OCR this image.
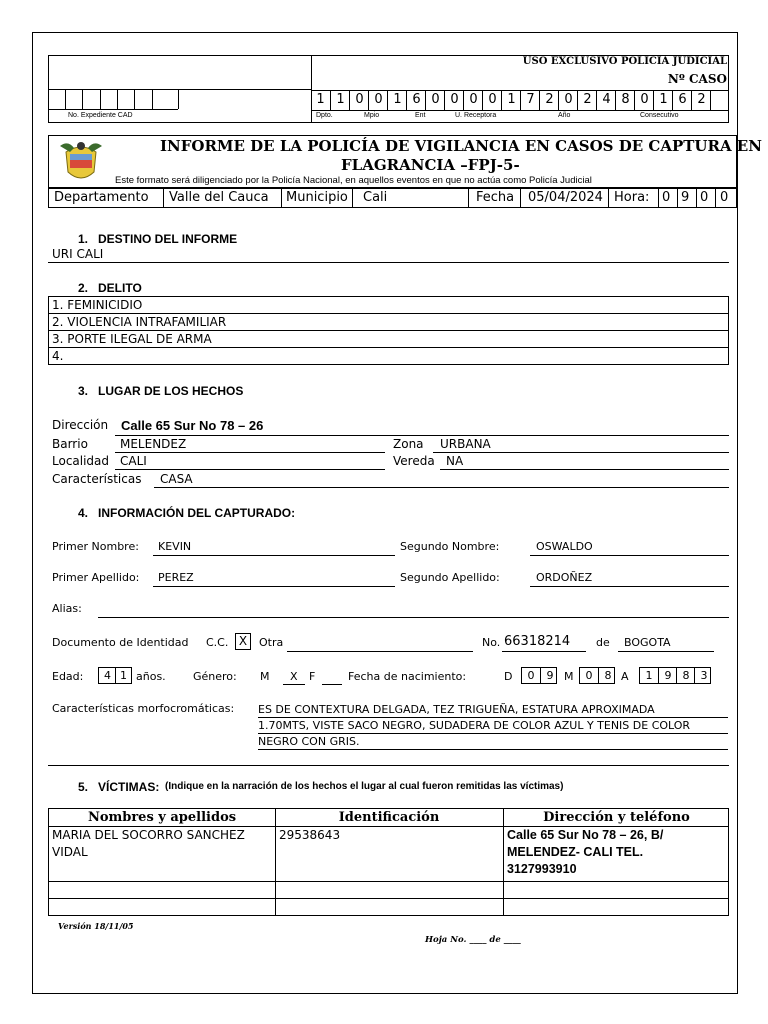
USO EXCLUSIVO POLICIA JUDICIAL
Nº CASO
No. Expediente CAD
1 1 0 0 1 6 0 0 0 0 1 7 2 0 2 4 8 0 1 6 2
Dpto.	Mpio	Ent	U. Receptora	Año	Consecutivo
INFORME DE LA POLICÍA DE VIGILANCIA EN CASOS DE CAPTURA EN
FLAGRANCIA –FPJ-5-
Este formato será diligenciado por la Policía Nacional, en aquellos eventos en que no actúa como Policía Judicial
Departamento Valle del Cauca Municipio Cali	Fecha 05/04/2024 Hora: 0 9 0 0
1.   DESTINO DEL INFORME
URI CALI
2.   DELITO
1. FEMINICIDIO
2. VIOLENCIA INTRAFAMILIAR
3. PORTE ILEGAL DE ARMA
4.
3.   LUGAR DE LOS HECHOS
Dirección Calle 65 Sur No 78 – 26
Barrio	MELENDEZ	Zona URBANA
Localidad CALI	Vereda NA
Características CASA
4.   INFORMACIÓN DEL CAPTURADO:
Primer Nombre: KEVIN	Segundo Nombre:	OSWALDO
Primer Apellido: PEREZ	Segundo Apellido:	ORDOÑEZ
Alias:
Documento de Identidad C.C. X	Otra	No. 66318214 de BOGOTA
Edad: 4 1 años. Género: M X F	Fecha de nacimiento:	D	0	9 M	0	8 A	1	9	8	3
Características morfocromáticas: ES DE CONTEXTURA DELGADA, TEZ TRIGUEÑA, ESTATURA APROXIMADA
1.70MTS, VISTE SACO NEGRO, SUDADERA DE COLOR AZUL Y TENIS DE COLOR
NEGRO CON GRIS.
5.   VÍCTIMAS: (Indique en la narración de los hechos el lugar al cual fueron remitidas las víctimas)
Nombres y apellidos	Identificación	Dirección y teléfono
MARIA DEL SOCORRO SANCHEZ
VIDAL
29538643	Calle 65 Sur No 78 – 26, B/
MELENDEZ- CALI TEL.
3127993910
Versión 18/11/05
Hoja No. ____ de ____
